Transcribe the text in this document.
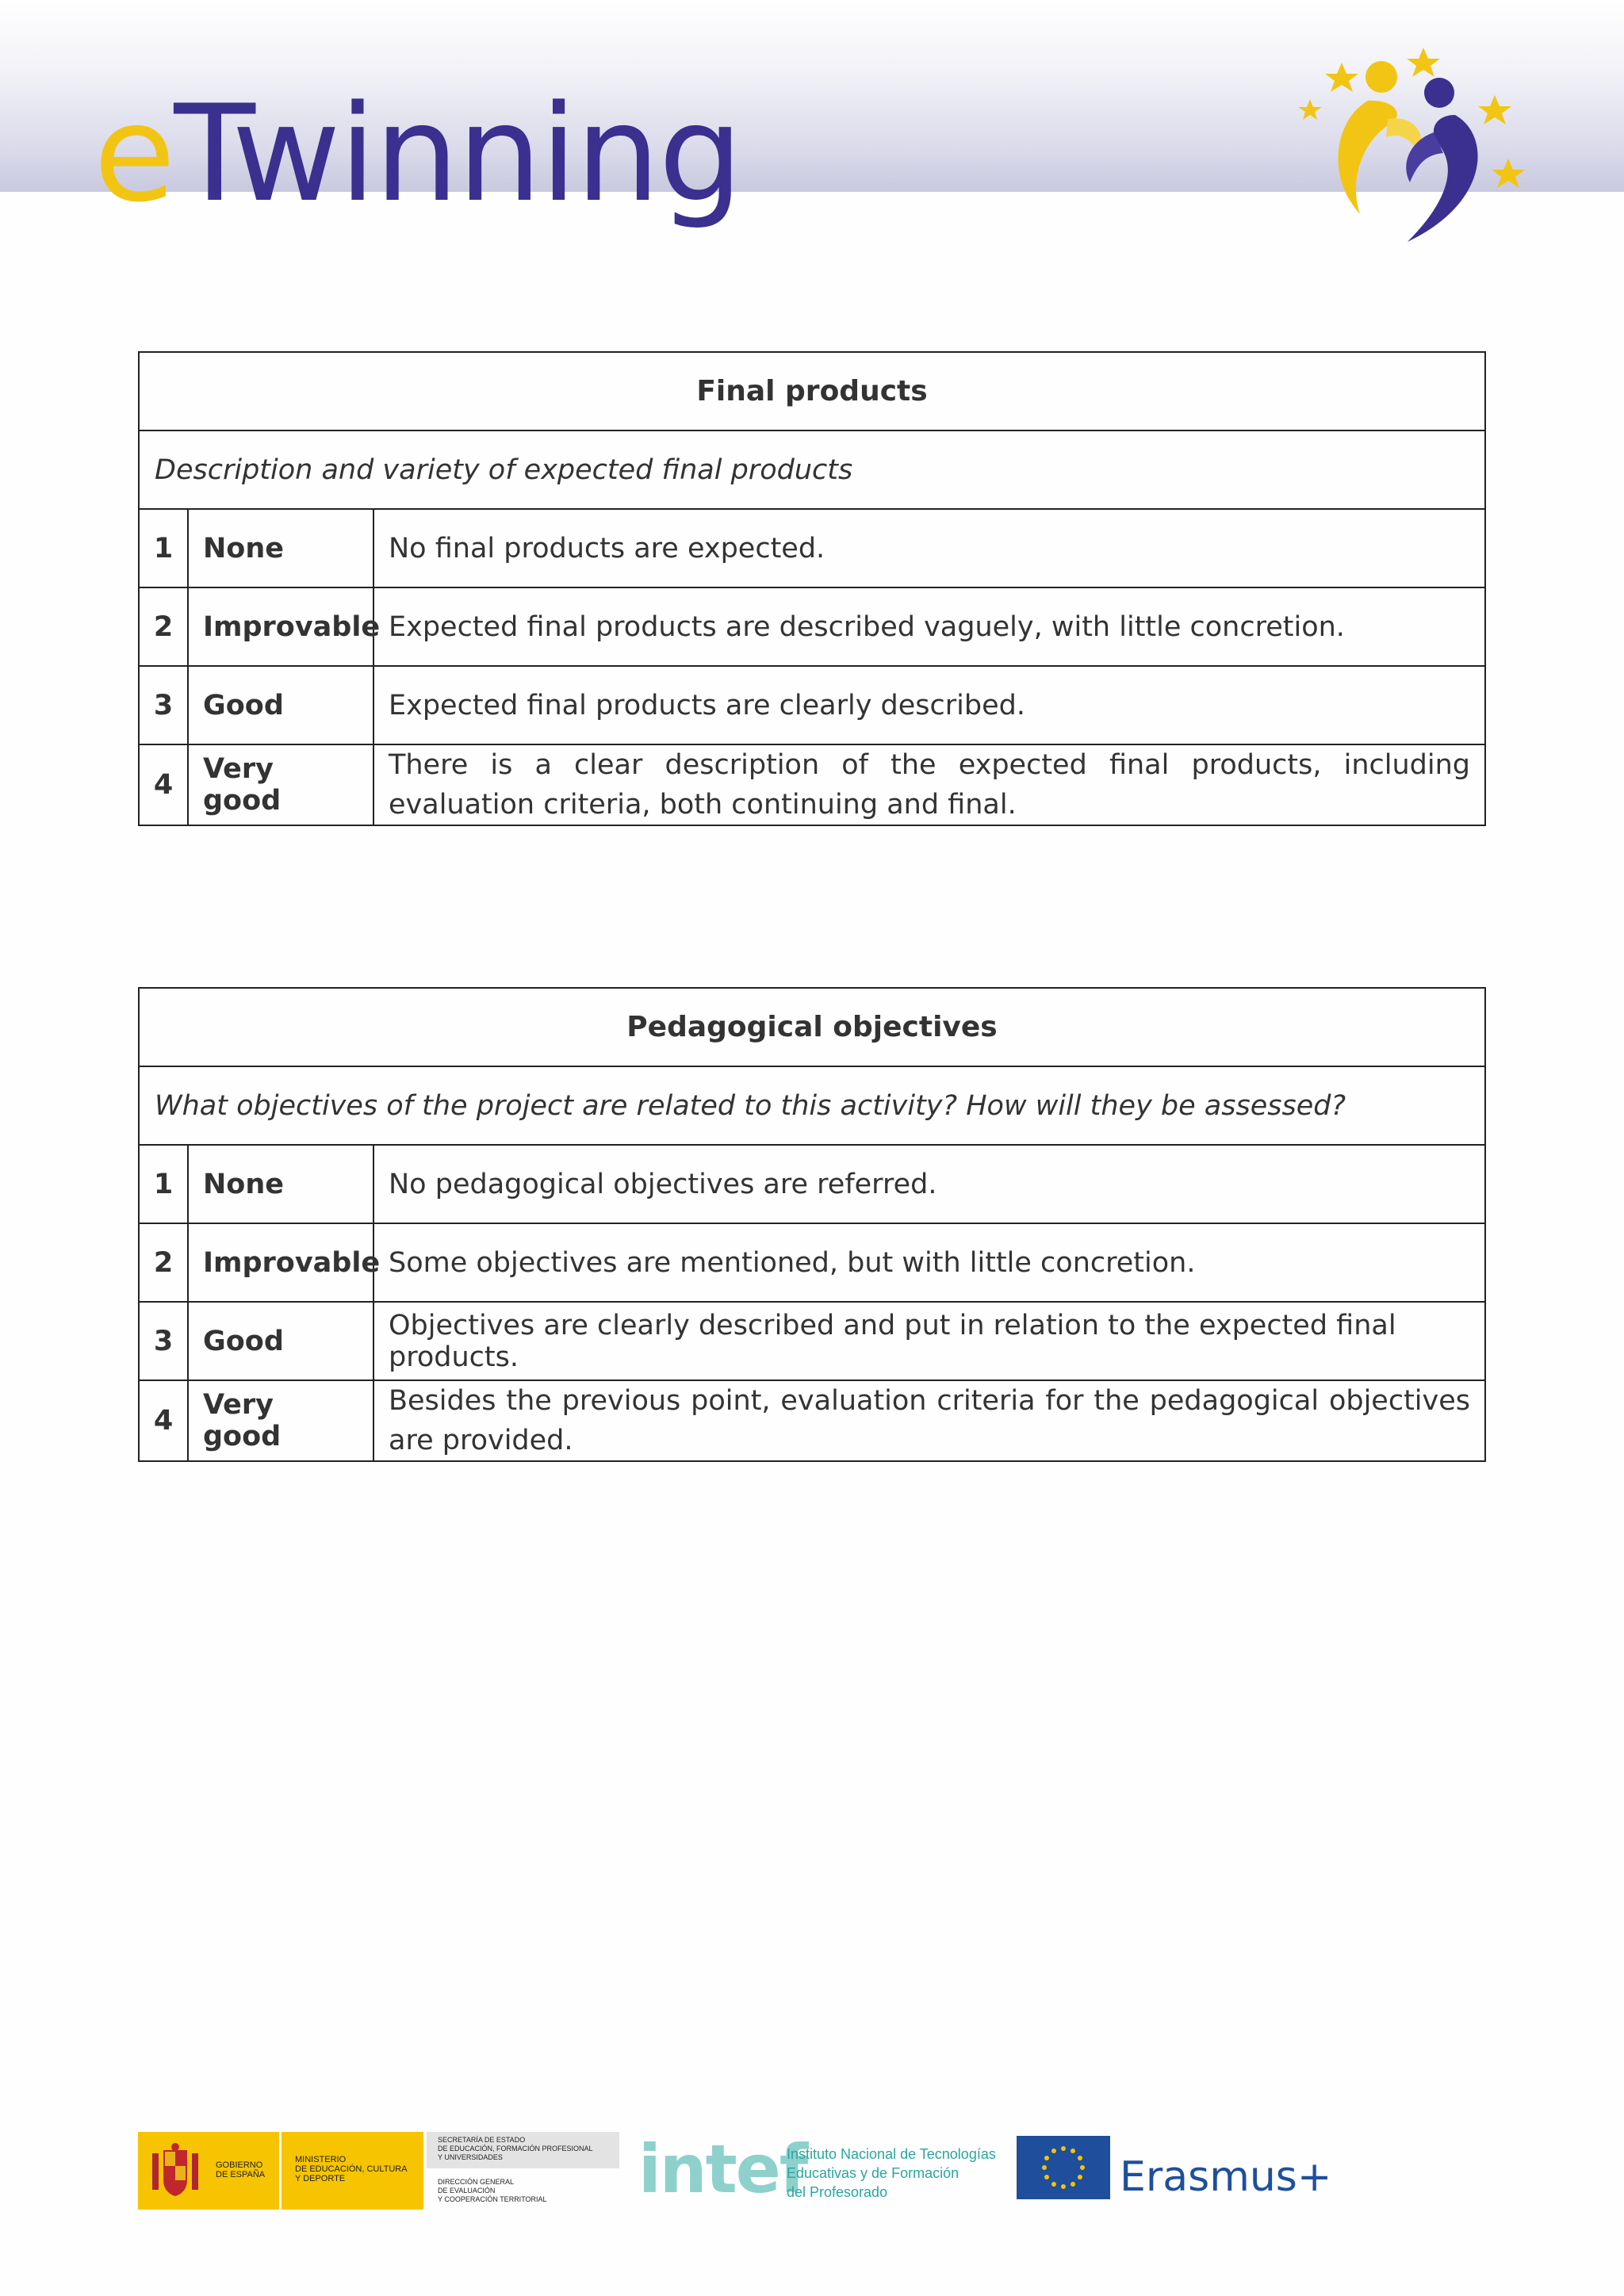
eTwinning
Final products		
Description and variety of expected final products		
1	None	No final products are expected.
2	Improvable	Expected final products are described vaguely, with little concretion.
3	Good	Expected final products are clearly described.
4	Very good	There is a clear description of the expected final products, including evaluation criteria, both continuing and final.
Pedagogical objectives		
What objectives of the project are related to this activity? How will they be assessed?		
1	None	No pedagogical objectives are referred.
2	Improvable	Some objectives are mentioned, but with little concretion.
3	Good	Objectives are clearly described and put in relation to the expected final products.
4	Very good	Besides the previous point, evaluation criteria for the pedagogical objectives are provided.
GOBIERNO
DE ESPAÑA
MINISTERIO
DE EDUCACIÓN, CULTURA
Y DEPORTE
SECRETARÍA DE ESTADO
DE EDUCACIÓN, FORMACIÓN PROFESIONAL
Y UNIVERSIDADES
DIRECCIÓN GENERAL
DE EVALUACIÓN
Y COOPERACIÓN TERRITORIAL intef
Instituto Nacional de Tecnologías
Educativas y de Formación
del Profesorado	Erasmus+
